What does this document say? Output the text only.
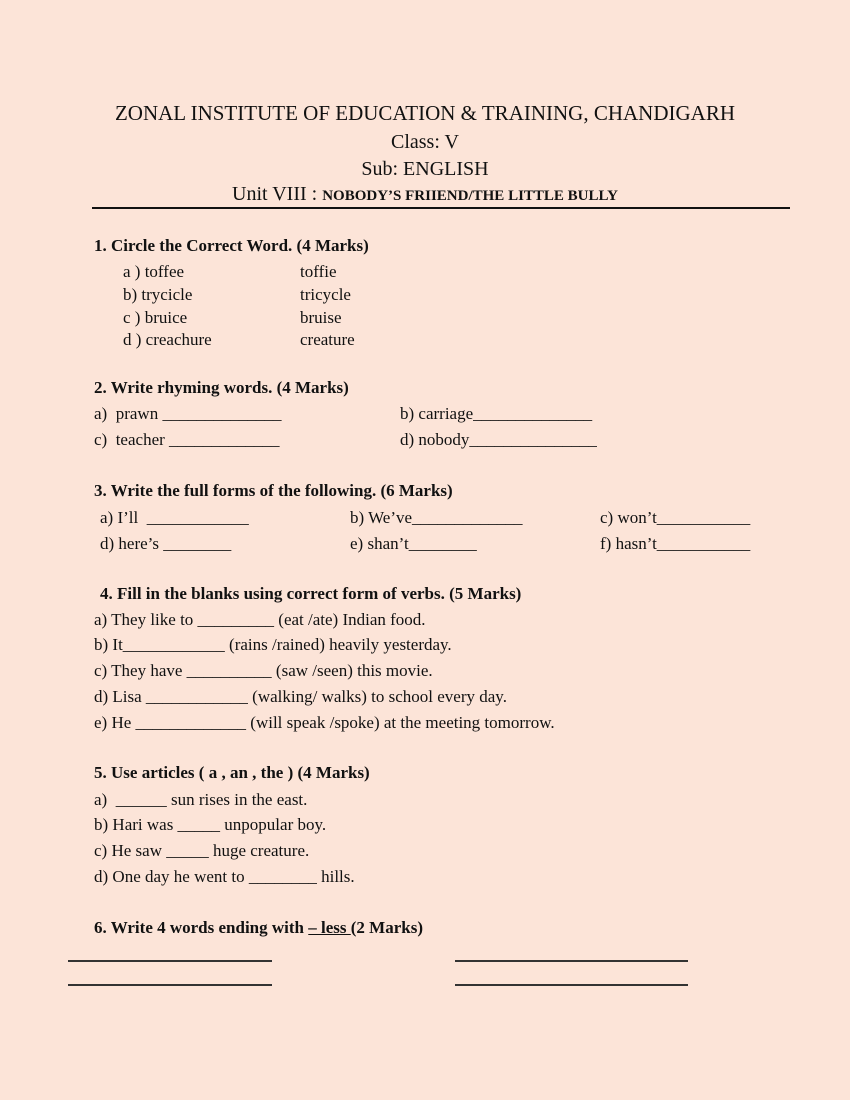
ZONAL INSTITUTE OF EDUCATION & TRAINING, CHANDIGARH
Class: V
Sub: ENGLISH
Unit VIII : NOBODY’S FRIIEND/THE LITTLE BULLY
1. Circle the Correct Word. (4 Marks)
a ) toffee	toffie
b) trycicle	tricycle
c ) bruice	bruise
d ) creachure	creature
2. Write rhyming words. (4 Marks)
a)  prawn ______________	b) carriage______________
c)  teacher _____________	d) nobody_______________
3. Write the full forms of the following. (6 Marks)
a) I’ll  ____________	b) We’ve_____________	c) won’t___________
d) here’s ________	e) shan’t________	f) hasn’t___________
4. Fill in the blanks using correct form of verbs. (5 Marks)
a) They like to _________ (eat /ate) Indian food.
b) It____________ (rains /rained) heavily yesterday.
c) They have __________ (saw /seen) this movie.
d) Lisa ____________ (walking/ walks) to school every day.
e) He _____________ (will speak /spoke) at the meeting tomorrow.
5. Use articles ( a , an , the ) (4 Marks)
a)  ______ sun rises in the east.
b) Hari was _____ unpopular boy.
c) He saw _____ huge creature.
d) One day he went to ________ hills.
6. Write 4 words ending with – less (2 Marks)
